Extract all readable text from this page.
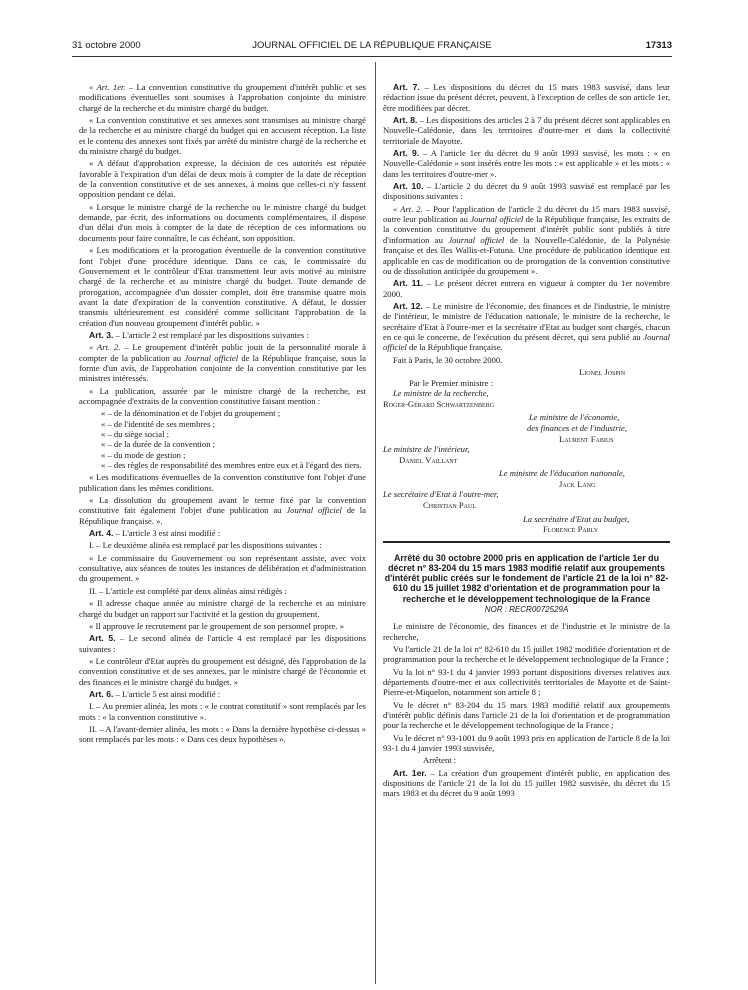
31 octobre 2000	JOURNAL OFFICIEL DE LA RÉPUBLIQUE FRANÇAISE	17313

« Art. 1er. – La convention constitutive du groupement d'intérêt public et ses modifications éventuelles sont soumises à l'approbation conjointe du ministre chargé de la recherche et du ministre chargé du budget.

« La convention constitutive et ses annexes sont transmises au ministre chargé de la recherche et au ministre chargé du budget qui en accusent réception. La liste et le contenu des annexes sont fixés par arrêté du ministre chargé de la recherche et du ministre chargé du budget.

« A défaut d'approbation expresse, la décision de ces autorités est réputée favorable à l'expiration d'un délai de deux mois à compter de la date de réception de la convention constitutive et de ses annexes, à moins que celles-ci n'y fassent opposition pendant ce délai.

« Lorsque le ministre chargé de la recherche ou le ministre chargé du budget demande, par écrit, des informations ou documents complémentaires, il dispose d'un délai d'un mois à compter de la date de réception de ces informations ou documents pour faire connaître, le cas échéant, son opposition.

« Les modifications et la prorogation éventuelle de la convention constitutive font l'objet d'une procédure identique. Dans ce cas, le commissaire du Gouvernement et le contrôleur d'Etat transmettent leur avis motivé au ministre chargé de la recherche et au ministre chargé du budget. Toute demande de prorogation, accompagnée d'un dossier complet, doit être transmise quatre mois avant la date d'expiration de la convention constitutive. A défaut, le dossier transmis ultérieurement est considéré comme sollicitant l'approbation de la création d'un nouveau groupement d'intérêt public. »

Art. 3. – L'article 2 est remplacé par les dispositions suivantes :

« Art. 2. – Le groupement d'intérêt public jouit de la personnalité morale à compter de la publication au Journal officiel de la République française, sous la forme d'un avis, de l'approbation conjointe de la convention constitutive par les ministres intéressés.

« La publication, assurée par le ministre chargé de la recherche, est accompagnée d'extraits de la convention constitutive faisant mention :

« – de la dénomination et de l'objet du groupement ;
« – de l'identité de ses membres ;
« – du siège social ;
« – de la durée de la convention ;
« – du mode de gestion ;
« – des règles de responsabilité des membres entre eux et à l'égard des tiers.

« Les modifications éventuelles de la convention constitutive font l'objet d'une publication dans les mêmes conditions.

« La dissolution du groupement avant le terme fixé par la convention constitutive fait également l'objet d'une publication au Journal officiel de la République française. ».

Art. 4. – L'article 3 est ainsi modifié :

I. – Le deuxième alinéa est remplacé par les dispositions suivantes :

« Le commissaire du Gouvernement ou son représentant assiste, avec voix consultative, aux séances de toutes les instances de délibération et d'administration du groupement. »

II. – L'article est complété par deux alinéas ainsi rédigés :

« Il adresse chaque année au ministre chargé de la recherche et au ministre chargé du budget un rapport sur l'activité et la gestion du groupement.

« Il approuve le recrutement par le groupement de son personnel propre. »

Art. 5. – Le second alinéa de l'article 4 est remplacé par les dispositions suivantes :

« Le contrôleur d'Etat auprès du groupement est désigné, dès l'approbation de la convention constitutive et de ses annexes, par le ministre chargé de l'économie et des finances et le ministre chargé du budget. »

Art. 6. – L'article 5 est ainsi modifié :

I. – Au premier alinéa, les mots : « le contrat constitutif » sont remplacés par les mots : « la convention constitutive ».

II. – A l'avant-dernier alinéa, les mots : « Dans la dernière hypothèse ci-dessus » sont remplacés par les mots : « Dans ces deux hypothèses ».

Art. 7. – Les dispositions du décret du 15 mars 1983 susvisé, dans leur rédaction issue du présent décret, peuvent, à l'exception de celles de son article 1er, être modifiées par décret.

Art. 8. – Les dispositions des articles 2 à 7 du présent décret sont applicables en Nouvelle-Calédonie, dans les territoires d'outre-mer et dans la collectivité territoriale de Mayotte.

Art. 9. – A l'article 1er du décret du 9 août 1993 susvisé, les mots : « en Nouvelle-Calédonie » sont insérés entre les mots : « est applicable » et les mots : « dans les territoires d'outre-mer ».

Art. 10. – L'article 2 du décret du 9 août 1993 susvisé est remplacé par les dispositions suivantes :

« Art. 2. – Pour l'application de l'article 2 du décret du 15 mars 1983 susvisé, outre leur publication au Journal officiel de la République française, les extraits de la convention constitutive du groupement d'intérêt public sont publiés à titre d'information au Journal officiel de la Nouvelle-Calédonie, de la Polynésie française et des îles Wallis-et-Futuna. Une procédure de publication identique est applicable en cas de modification ou de prorogation de la convention constitutive ou de dissolution anticipée du groupement ».

Art. 11. – Le présent décret entrera en vigueur à compter du 1er novembre 2000.

Art. 12. – Le ministre de l'économie, des finances et de l'industrie, le ministre de l'intérieur, le ministre de l'éducation nationale, le ministre de la recherche, le secrétaire d'Etat à l'outre-mer et la secrétaire d'Etat au budget sont chargés, chacun en ce qui le concerne, de l'exécution du présent décret, qui sera publié au Journal officiel de la République française.

Fait à Paris, le 30 octobre 2000.

Lionel Jospin
Par le Premier ministre :
Le ministre de la recherche,
Roger-Gérard Schwartzenberg
Le ministre de l'économie,
des finances et de l'industrie,
Laurent Fabius
Le ministre de l'intérieur,
Daniel Vaillant
Le ministre de l'éducation nationale,
Jack Lang
Le secrétaire d'Etat à l'outre-mer,
Christian Paul
La secrétaire d'Etat au budget,
Florence Parly
Arrêté du 30 octobre 2000 pris en application de l'article 1er du décret n° 83-204 du 15 mars 1983 modifié relatif aux groupements d'intérêt public créés sur le fondement de l'article 21 de la loi n° 82-610 du 15 juillet 1982 d'orientation et de programmation pour la recherche et le développement technologique de la France
NOR : RECR0072529A

Le ministre de l'économie, des finances et de l'industrie et le ministre de la recherche,

Vu l'article 21 de la loi n° 82-610 du 15 juillet 1982 modifiée d'orientation et de programmation pour la recherche et le développement technologique de la France ;

Vu la loi n° 93-1 du 4 janvier 1993 portant dispositions diverses relatives aux départements d'outre-mer et aux collectivités territoriales de Mayotte et de Saint-Pierre-et-Miquelon, notamment son article 8 ;

Vu le décret n° 83-204 du 15 mars 1983 modifié relatif aux groupements d'intérêt public définis dans l'article 21 de la loi d'orientation et de programmation pour la recherche et le développement technologique de la France ;

Vu le décret n° 93-1001 du 9 août 1993 pris en application de l'article 8 de la loi 93-1 du 4 janvier 1993 susvisée,

Arrêtent :

Art. 1er. – La création d'un groupement d'intérêt public, en application des dispositions de l'article 21 de la loi du 15 juillet 1982 susvisée, du décret du 15 mars 1983 et du décret du 9 août 1993
